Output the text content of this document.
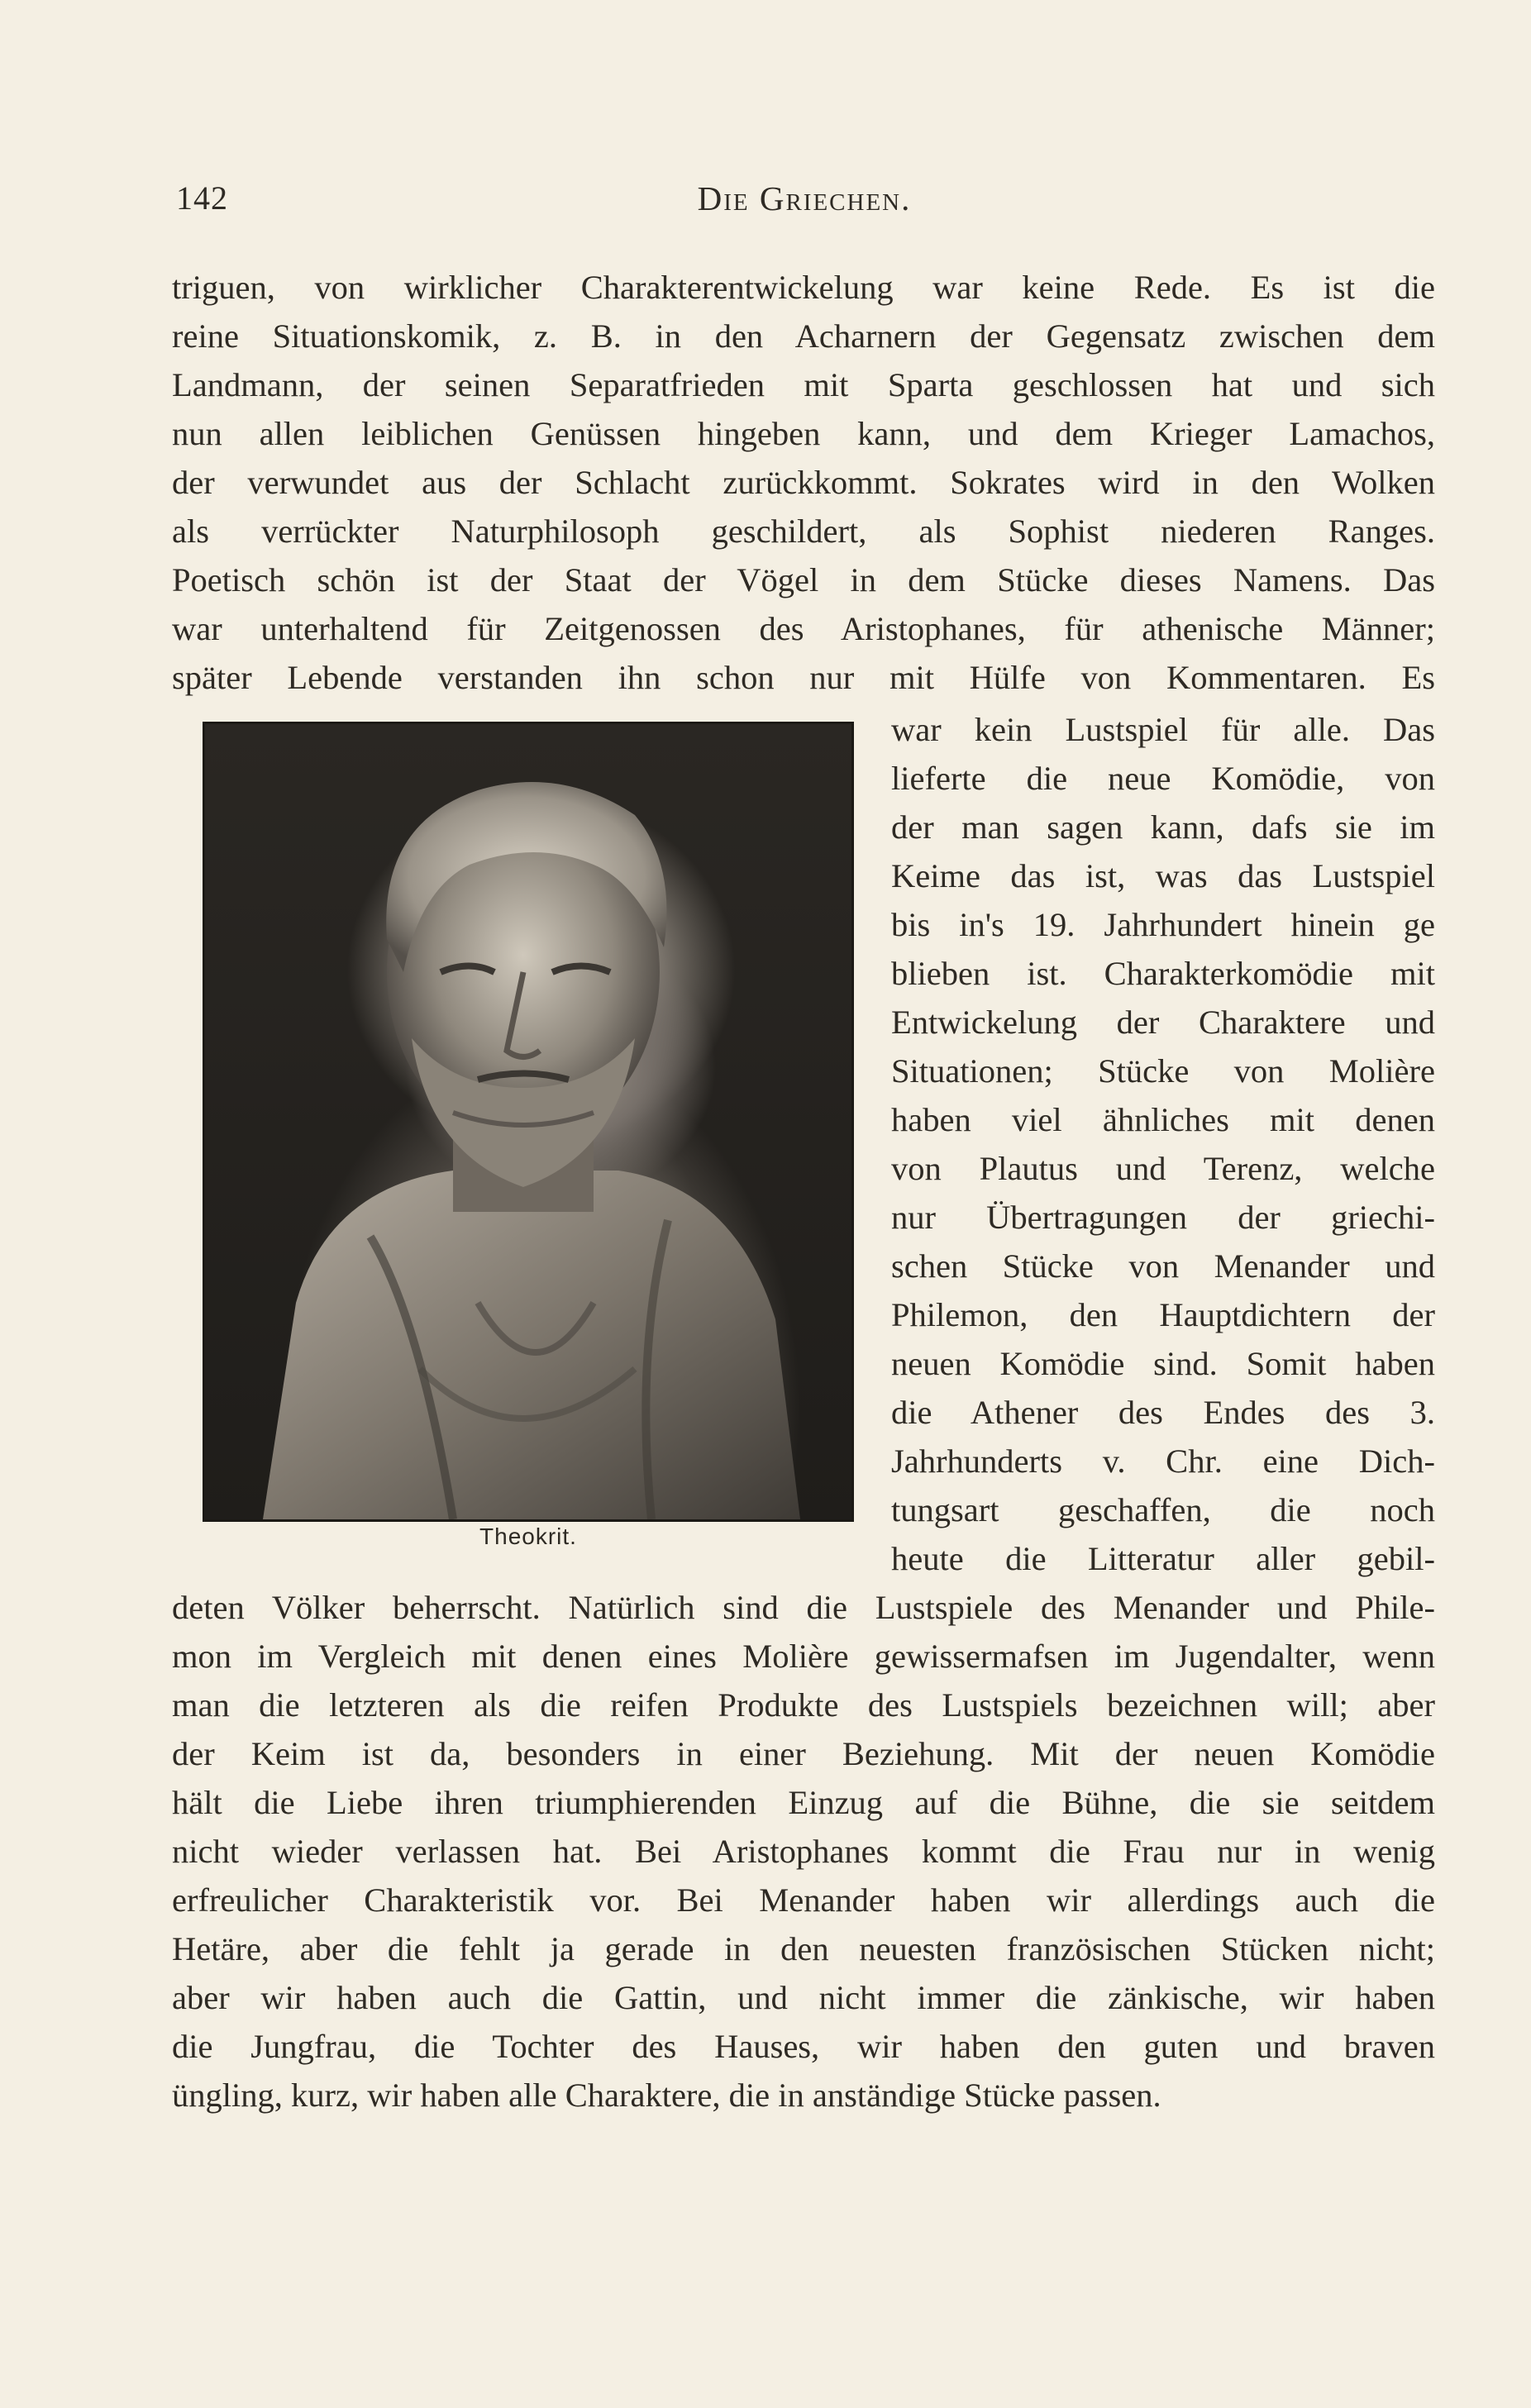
142	Die Griechen.
triguen, von wirklicher Charakterentwickelung war keine Rede. Es ist die
reine Situationskomik, z. B. in den Acharnern der Gegensatz zwischen dem
Landmann, der seinen Separatfrieden mit Sparta geschlossen hat und sich
nun allen leiblichen Genüssen hingeben kann, und dem Krieger Lamachos,
der verwundet aus der Schlacht zurückkommt. Sokrates wird in den Wolken
als verrückter Naturphilosoph geschildert, als Sophist niederen Ranges.
Poetisch schön ist der Staat der Vögel in dem Stücke dieses Namens. Das
war unterhaltend für Zeitgenossen des Aristophanes, für athenische Männer;
später Lebende verstanden ihn schon nur mit Hülfe von Kommentaren. Es
Theokrit.
war kein Lustspiel für alle. Das
lieferte die neue Komödie, von
der man sagen kann, dafs sie im
Keime das ist, was das Lustspiel
bis in's 19. Jahrhundert hinein ge
blieben ist. Charakterkomödie mit
Entwickelung der Charaktere und
Situationen; Stücke von Molière
haben viel ähnliches mit denen
von Plautus und Terenz, welche
nur Übertragungen der griechi-
schen Stücke von Menander und
Philemon, den Hauptdichtern der
neuen Komödie sind. Somit haben
die Athener des Endes des 3.
Jahrhunderts v. Chr. eine Dich-
tungsart geschaffen, die noch
heute die Litteratur aller gebil-
deten Völker beherrscht. Natürlich sind die Lustspiele des Menander und Phile-
mon im Vergleich mit denen eines Molière gewissermafsen im Jugendalter, wenn
man die letzteren als die reifen Produkte des Lustspiels bezeichnen will; aber
der Keim ist da, besonders in einer Beziehung. Mit der neuen Komödie
hält die Liebe ihren triumphierenden Einzug auf die Bühne, die sie seitdem
nicht wieder verlassen hat. Bei Aristophanes kommt die Frau nur in wenig
erfreulicher Charakteristik vor. Bei Menander haben wir allerdings auch die
Hetäre, aber die fehlt ja gerade in den neuesten französischen Stücken nicht;
aber wir haben auch die Gattin, und nicht immer die zänkische, wir haben
die Jungfrau, die Tochter des Hauses, wir haben den guten und braven
üngling, kurz, wir haben alle Charaktere, die in anständige Stücke passen.
